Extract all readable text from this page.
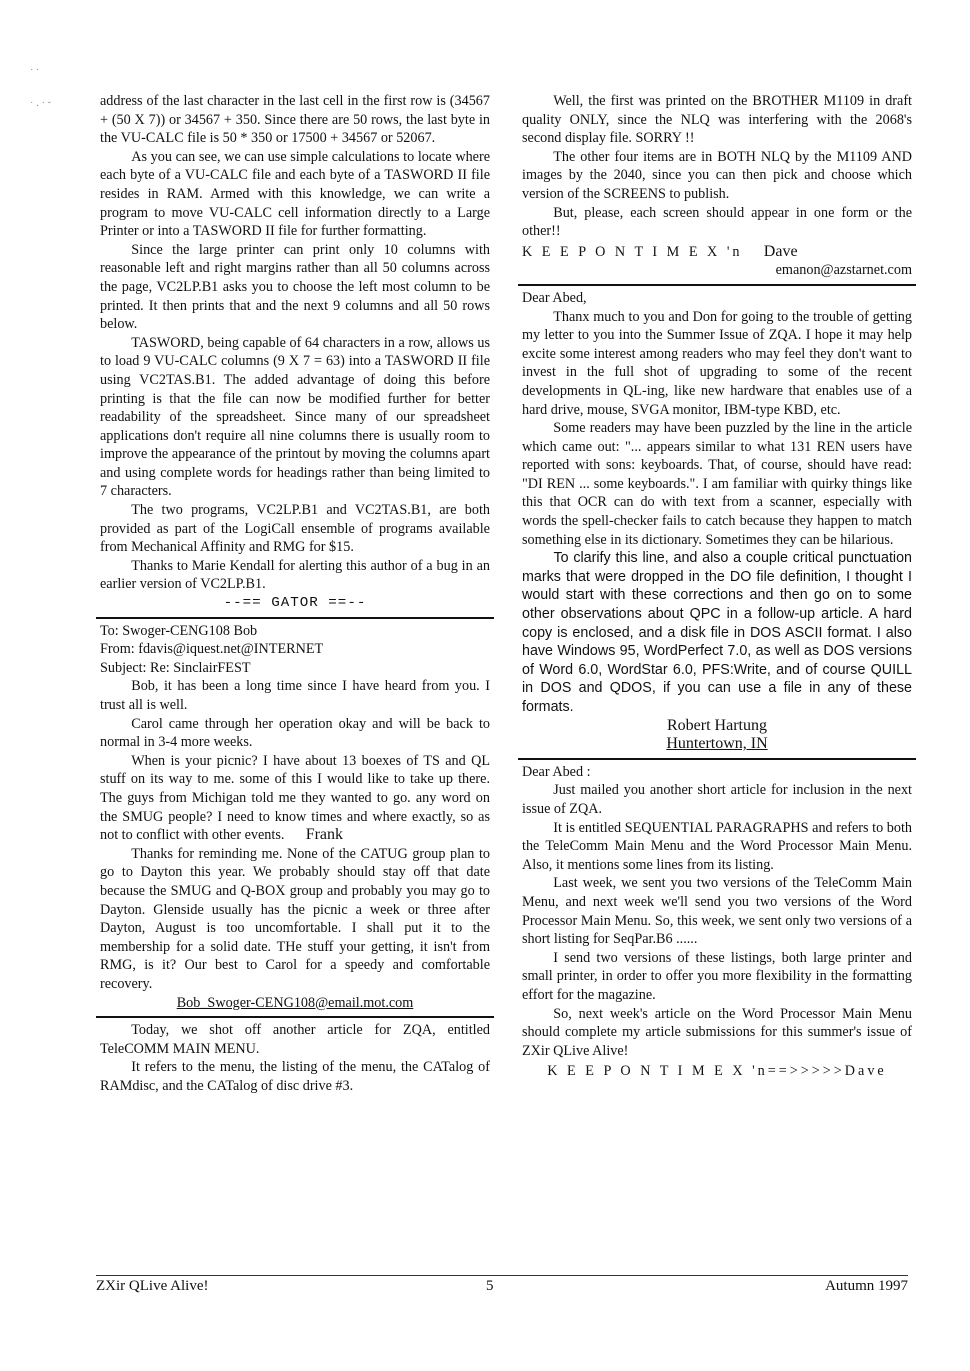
˙ ˙

˙ · ˙ ˘	address of the last character in the last cell in the first row is (34567 + (50 X 7)) or 34567 + 350. Since there are 50 rows, the last byte in the VU-CALC file is 50 * 350 or 17500 + 34567 or 52067.

As you can see, we can use simple calculations to locate where each byte of a VU-CALC file and each byte of a TASWORD II file resides in RAM. Armed with this knowledge, we can write a program to move VU-CALC cell information directly to a Large Printer or into a TASWORD II file for further formatting.

Since the large printer can print only 10 columns with reasonable left and right margins rather than all 50 columns across the page, VC2LP.B1 asks you to choose the left most column to be printed. It then prints that and the next 9 columns and all 50 rows below.

TASWORD, being capable of 64 characters in a row, allows us to load 9 VU-CALC columns (9 X 7 = 63) into a TASWORD II file using VC2TAS.B1. The added advantage of doing this before printing is that the file can now be modified further for better readability of the spreadsheet. Since many of our spreadsheet applications don't require all nine columns there is usually room to improve the appearance of the printout by moving the columns apart and using complete words for headings rather than being limited to 7 characters.

The two programs, VC2LP.B1 and VC2TAS.B1, are both provided as part of the LogiCall ensemble of programs available from Mechanical Affinity and RMG for $15.

Thanks to Marie Kendall for alerting this author of a bug in an earlier version of VC2LP.B1.

--== GATOR ==--

To: Swoger-CENG108 Bob

From: fdavis@iquest.net@INTERNET

Subject: Re: SinclairFEST

Bob, it has been a long time since I have heard from you. I trust all is well.

Carol came through her operation okay and will be back to normal in 3-4 more weeks.

When is your picnic? I have about 13 boexes of TS and QL stuff on its way to me. some of this I would like to take up there. The guys from Michigan told me they wanted to go. any word on the SMUG people? I need to know times and where exactly, so as not to conflict with other events. Frank

Thanks for reminding me. None of the CATUG group plan to go to Dayton this year. We probably should stay off that date because the SMUG and Q-BOX group and probably you may go to Dayton. Glenside usually has the picnic a week or three after Dayton, August is too uncomfortable. I shall put it to the membership for a solid date. THe stuff your getting, it isn't from RMG, is it? Our best to Carol for a speedy and comfortable recovery.

Bob_Swoger-CENG108@email.mot.com

Today, we shot off another article for ZQA, entitled TeleCOMM MAIN MENU.

It refers to the menu, the listing of the menu, the CATalog of RAMdisc, and the CATalog of disc drive #3.

Well, the first was printed on the BROTHER M1109 in draft quality ONLY, since the NLQ was interfering with the 2068's second display file. SORRY !!

The other four items are in BOTH NLQ by the M1109 AND images by the 2040, since you can then pick and choose which version of the SCREENS to publish.

But, please, each screen should appear in one form or the other!!

K E E P O N T I M E X 'n Dave

emanon@azstarnet.com

Dear Abed,

Thanx much to you and Don for going to the trouble of getting my letter to you into the Summer Issue of ZQA. I hope it may help excite some interest among readers who may feel they don't want to invest in the full shot of upgrading to some of the recent developments in QL-ing, like new hardware that enables use of a hard drive, mouse, SVGA monitor, IBM-type KBD, etc.

Some readers may have been puzzled by the line in the article which came out: "... appears similar to what 131 REN users have reported with sons: keyboards. That, of course, should have read: "DI REN ... some keyboards.". I am familiar with quirky things like this that OCR can do with text from a scanner, especially with words the spell-checker fails to catch because they happen to match something else in its dictionary. Sometimes they can be hilarious.

To clarify this line, and also a couple critical punctuation marks that were dropped in the DO file definition, I thought I would start with these corrections and then go on to some other observations about QPC in a follow-up article. A hard copy is enclosed, and a disk file in DOS ASCII format. I also have Windows 95, WordPerfect 7.0, as well as DOS versions of Word 6.0, WordStar 6.0, PFS:Write, and of course QUILL in DOS and QDOS, if you can use a file in any of these formats.

Robert Hartung

Huntertown, IN

Dear Abed :

Just mailed you another short article for inclusion in the next issue of ZQA.

It is entitled SEQUENTIAL PARAGRAPHS and refers to both the TeleComm Main Menu and the Word Processor Main Menu. Also, it mentions some lines from its listing.

Last week, we sent you two versions of the TeleComm Main Menu, and next week we'll send you two versions of the Word Processor Main Menu. So, this week, we sent only two versions of a short listing for SeqPar.B6 ......

I send two versions of these listings, both large printer and small printer, in order to offer you more flexibility in the formatting effort for the magazine.

So, next week's article on the Word Processor Main Menu should complete my article submissions for this summer's issue of ZXir QLive Alive!

K E E P O N T I M E X 'n==>>>>>Dave

ZXir QLive Alive!	5	Autumn 1997
